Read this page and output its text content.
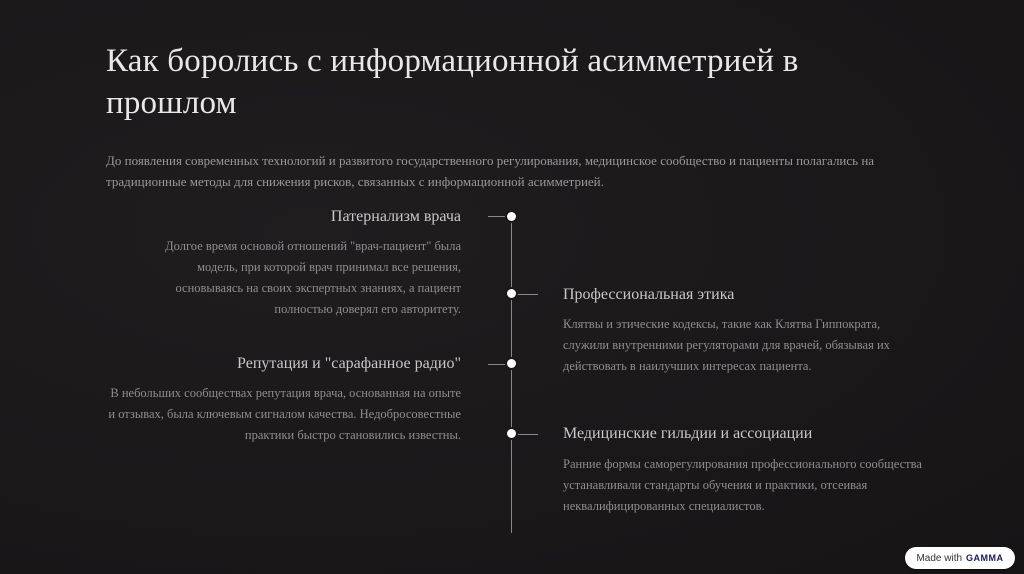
Как боролись с информационной асимметрией в прошлом

До появления современных технологий и развитого государственного регулирования, медицинское сообщество и пациенты полагались на традиционные методы для снижения рисков, связанных с информационной асимметрией.

Патернализм врача

Долгое время основой отношений "врач-пациент" была модель, при которой врач принимал все решения, основываясь на своих экспертных знаниях, а пациент полностью доверял его авторитету.

Профессиональная этика

Клятвы и этические кодексы, такие как Клятва Гиппократа, служили внутренними регуляторами для врачей, обязывая их действовать в наилучших интересах пациента.

Репутация и "сарафанное радио"

В небольших сообществах репутация врача, основанная на опыте и отзывах, была ключевым сигналом качества. Недобросовестные практики быстро становились известны.	Медицинские гильдии и ассоциации

Ранние формы саморегулирования профессионального сообщества устанавливали стандарты обучения и практики, отсеивая неквалифицированных специалистов.

Made with GAMMA
